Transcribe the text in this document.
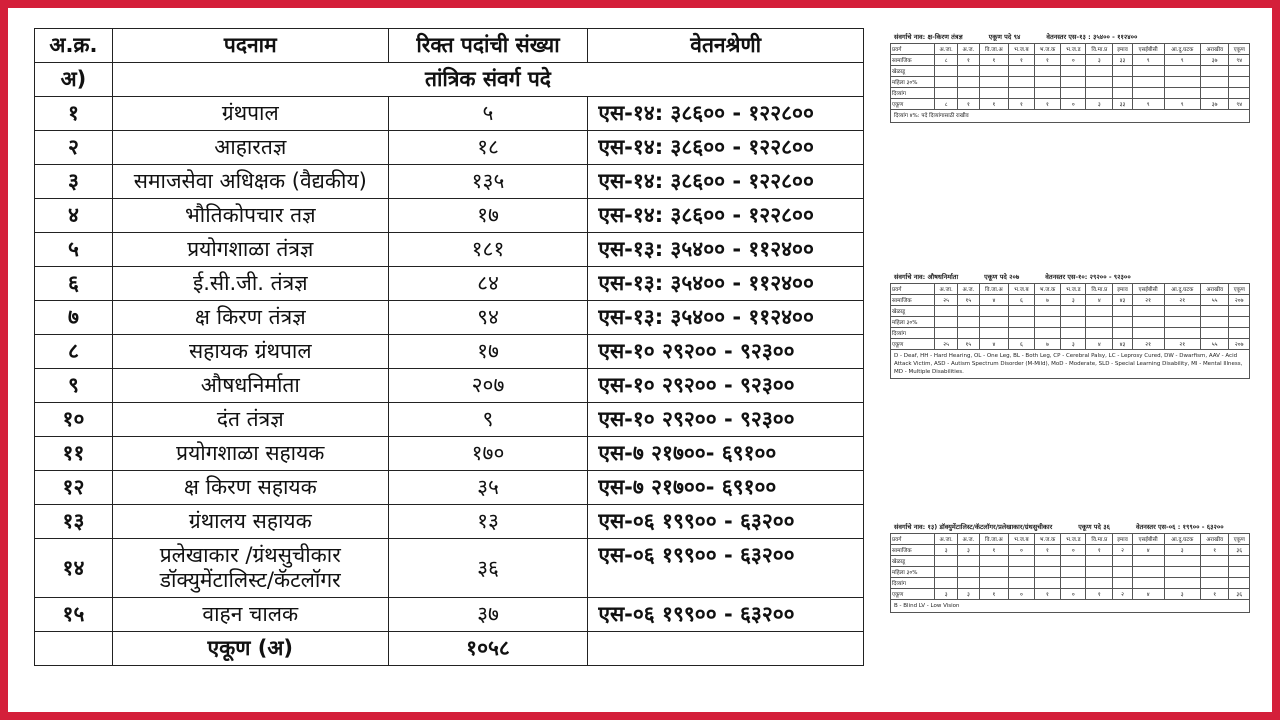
अ.क्र.	पदनाम	रिक्त पदांची संख्या	वेतनश्रेणी
अ)	तांत्रिक संवर्ग पदे		
१	ग्रंथपाल	५	एस-१४: ३८६०० - १२२८००
२	आहारतज्ञ	१८	एस-१४: ३८६०० - १२२८००
३	समाजसेवा अधिक्षक (वैद्यकीय)	१३५	एस-१४: ३८६०० - १२२८००
४	भौतिकोपचार तज्ञ	१७	एस-१४: ३८६०० - १२२८००
५	प्रयोगशाळा तंत्रज्ञ	१८१	एस-१३: ३५४०० - ११२४००
६	ई.सी.जी. तंत्रज्ञ	८४	एस-१३: ३५४०० - ११२४००
७	क्ष किरण तंत्रज्ञ	९४	एस-१३: ३५४०० - ११२४००
८	सहायक ग्रंथपाल	१७	एस-१० २९२०० - ९२३००
९	औषधनिर्माता	२०७	एस-१० २९२०० - ९२३००
१०	दंत तंत्रज्ञ	९	एस-१० २९२०० - ९२३००
११	प्रयोगशाळा सहायक	१७०	एस-७ २१७००- ६९१००
१२	क्ष किरण सहायक	३५	एस-७ २१७००- ६९१००
१३	ग्रंथालय सहायक	१३	एस-०६ १९९०० - ६३२००
१४	प्रलेखाकार /ग्रंथसुचीकार
डॉक्युमेंटालिस्ट/कॅटलॉगर	३६	एस-०६ १९९०० - ६३२००
१५	वाहन चालक	३७	एस-०६ १९९०० - ६३२००
	एकूण (अ)	१०५८	
संवर्गाचे नाव: क्ष-किरण तंत्रज्ञ	एकूण पदे ९४	वेतनस्तर एस-१३ : ३५४०० - ११२४००
प्रवर्ग	अ.जा.	अ.ज.	वि.जा.अ	भ.ज.ब	भ.ज.क	भ.ज.ड	वि.मा.प्र	इमाव	एसईबीसी	आ.दु.घटक	अराखीव	एकूण
सामाजिक	८	१	१	१	१	०	३	३३	९	९	३७	९४
खेळाडू												
महिला ३०%												
दिव्यांग												
एकूण	८	१	१	१	१	०	३	३३	९	९	३७	९४
दिव्यांग ४%: पदे दिव्यांगासाठी राखीव
संवर्गाचे नाव: औषधनिर्माता	एकूण पदे २०७	वेतनस्तर एस-१०: २९२०० - ९२३००
प्रवर्ग	अ.जा.	अ.ज.	वि.जा.अ	भ.ज.ब	भ.ज.क	भ.ज.ड	वि.मा.प्र	इमाव	एसईबीसी	आ.दु.घटक	अराखीव	एकूण
सामाजिक	२५	१५	४	६	७	३	४	४३	२१	२१	५५	२०७
खेळाडू												
महिला ३०%												
दिव्यांग												
एकूण	२५	१५	४	६	७	३	४	४३	२१	२१	५५	२०७
D - Deaf, HH - Hard Hearing, OL - One Leg, BL - Both Leg, CP - Cerebral Palsy, LC - Leprosy Cured, DW - Dwarfism, AAV - Acid Attack Victim, ASD - Autism Spectrum Disorder (M-Mild), MoD - Moderate, SLD - Special Learning Disability, MI - Mental Illness, MD - Multiple Disabilities.
संवर्गाचे नाव: १३) डॉक्युमेंटालिस्ट/कॅटलॉगर/प्रलेखाकार/ग्रंथसुचीकार	एकूण पदे ३६	वेतनस्तर एस-०६ : १९९०० - ६३२००
प्रवर्ग	अ.जा.	अ.ज.	वि.जा.अ	भ.ज.ब	भ.ज.क	भ.ज.ड	वि.मा.प्र	इमाव	एसईबीसी	आ.दु.घटक	अराखीव	एकूण
सामाजिक	३	३	१	०	१	०	१	२	४	३	१	३६
खेळाडू												
महिला ३०%												
दिव्यांग												
एकूण	३	३	१	०	१	०	१	२	४	३	१	३६
B - Blind LV - Low Vision
